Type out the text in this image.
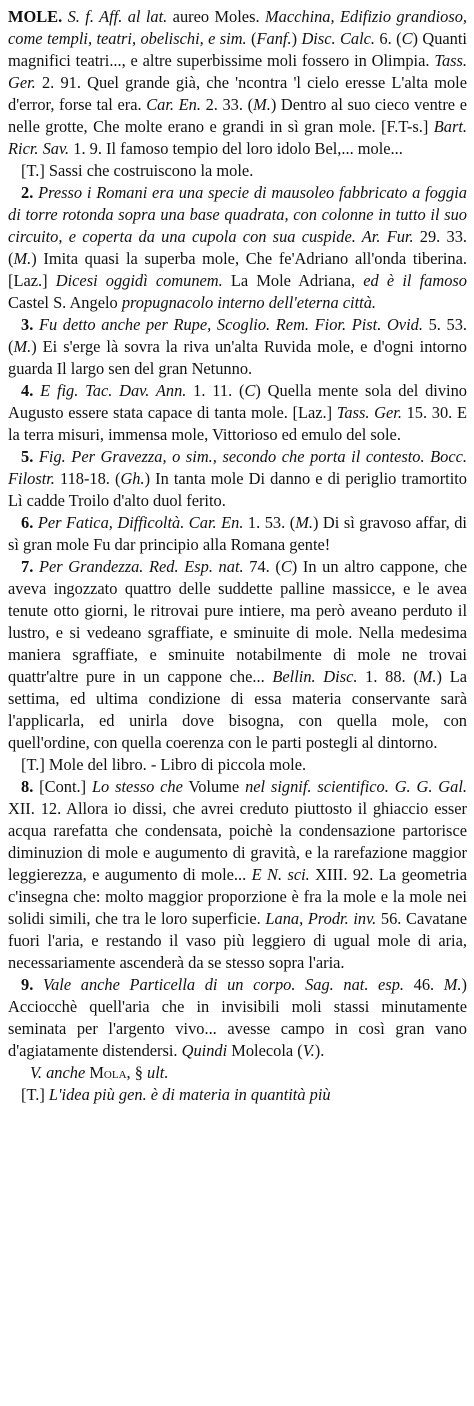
MOLE. S. f. Aff. al lat. aureo Moles. Macchina, Edifizio grandioso, come templi, teatri, obelischi, e sim. (Fanf.) Disc. Calc. 6. (C) Quanti magnifici teatri..., e altre superbissime moli fossero in Olimpia. Tass. Ger. 2. 91. Quel grande già, che 'ncontra 'l cielo eresse L'alta mole d'error, forse tal era. Car. En. 2. 33. (M.) Dentro al suo cieco ventre e nelle grotte, Che molte erano e grandi in sì gran mole. [F.T-s.] Bart. Ricr. Sav. 1. 9. Il famoso tempio del loro idolo Bel,... mole...

[T.] Sassi che costruiscono la mole.

2. Presso i Romani era una specie di mausoleo fabbricato a foggia di torre rotonda sopra una base quadrata, con colonne in tutto il suo circuito, e coperta da una cupola con sua cuspide. Ar. Fur. 29. 33. (M.) Imita quasi la superba mole, Che fe'Adriano all'onda tiberina. [Laz.] Dicesi oggidì comunem. La Mole Adriana, ed è il famoso Castel S. Angelo propugnacolo interno dell'eterna città.

3. Fu detto anche per Rupe, Scoglio. Rem. Fior. Pist. Ovid. 5. 53. (M.) Ei s'erge là sovra la riva un'alta Ruvida mole, e d'ogni intorno guarda Il largo sen del gran Netunno.

4. E fig. Tac. Dav. Ann. 1. 11. (C) Quella mente sola del divino Augusto essere stata capace di tanta mole. [Laz.] Tass. Ger. 15. 30. E la terra misuri, immensa mole, Vittorioso ed emulo del sole.

5. Fig. Per Gravezza, o sim., secondo che porta il contesto. Bocc. Filostr. 118-18. (Gh.) In tanta mole Di danno e di periglio tramortito Lì cadde Troilo d'alto duol ferito.

6. Per Fatica, Difficoltà. Car. En. 1. 53. (M.) Di sì gravoso affar, di sì gran mole Fu dar principio alla Romana gente!

7. Per Grandezza. Red. Esp. nat. 74. (C) In un altro cappone, che aveva ingozzato quattro delle suddette palline massicce, e le avea tenute otto giorni, le ritrovai pure intiere, ma però aveano perduto il lustro, e si vedeano sgraffiate, e sminuite di mole. Nella medesima maniera sgraffiate, e sminuite notabilmente di mole ne trovai quattr'altre pure in un cappone che... Bellin. Disc. 1. 88. (M.) La settima, ed ultima condizione di essa materia conservante sarà l'applicarla, ed unirla dove bisogna, con quella mole, con quell'ordine, con quella coerenza con le parti postegli al dintorno.

[T.] Mole del libro. - Libro di piccola mole.

8. [Cont.] Lo stesso che Volume nel signif. scientifico. G. G. Gal. XII. 12. Allora io dissi, che avrei creduto piuttosto il ghiaccio esser acqua rarefatta che condensata, poichè la condensazione partorisce diminuzion di mole e augumento di gravità, e la rarefazione maggior leggierezza, e augumento di mole... E N. sci. XIII. 92. La geometria c'insegna che: molto maggior proporzione è fra la mole e la mole nei solidi simili, che tra le loro superficie. Lana, Prodr. inv. 56. Cavatane fuori l'aria, e restando il vaso più leggiero di ugual mole di aria, necessariamente ascenderà da se stesso sopra l'aria.

9. Vale anche Particella di un corpo. Sag. nat. esp. 46. M.) Acciocchè quell'aria che in invisibili moli stassi minutamente seminata per l'argento vivo... avesse campo in così gran vano d'agiatamente distendersi. Quindi Molecola (V.).

V. anche Mola, § ult.

[T.] L'idea più gen. è di materia in quantità più
